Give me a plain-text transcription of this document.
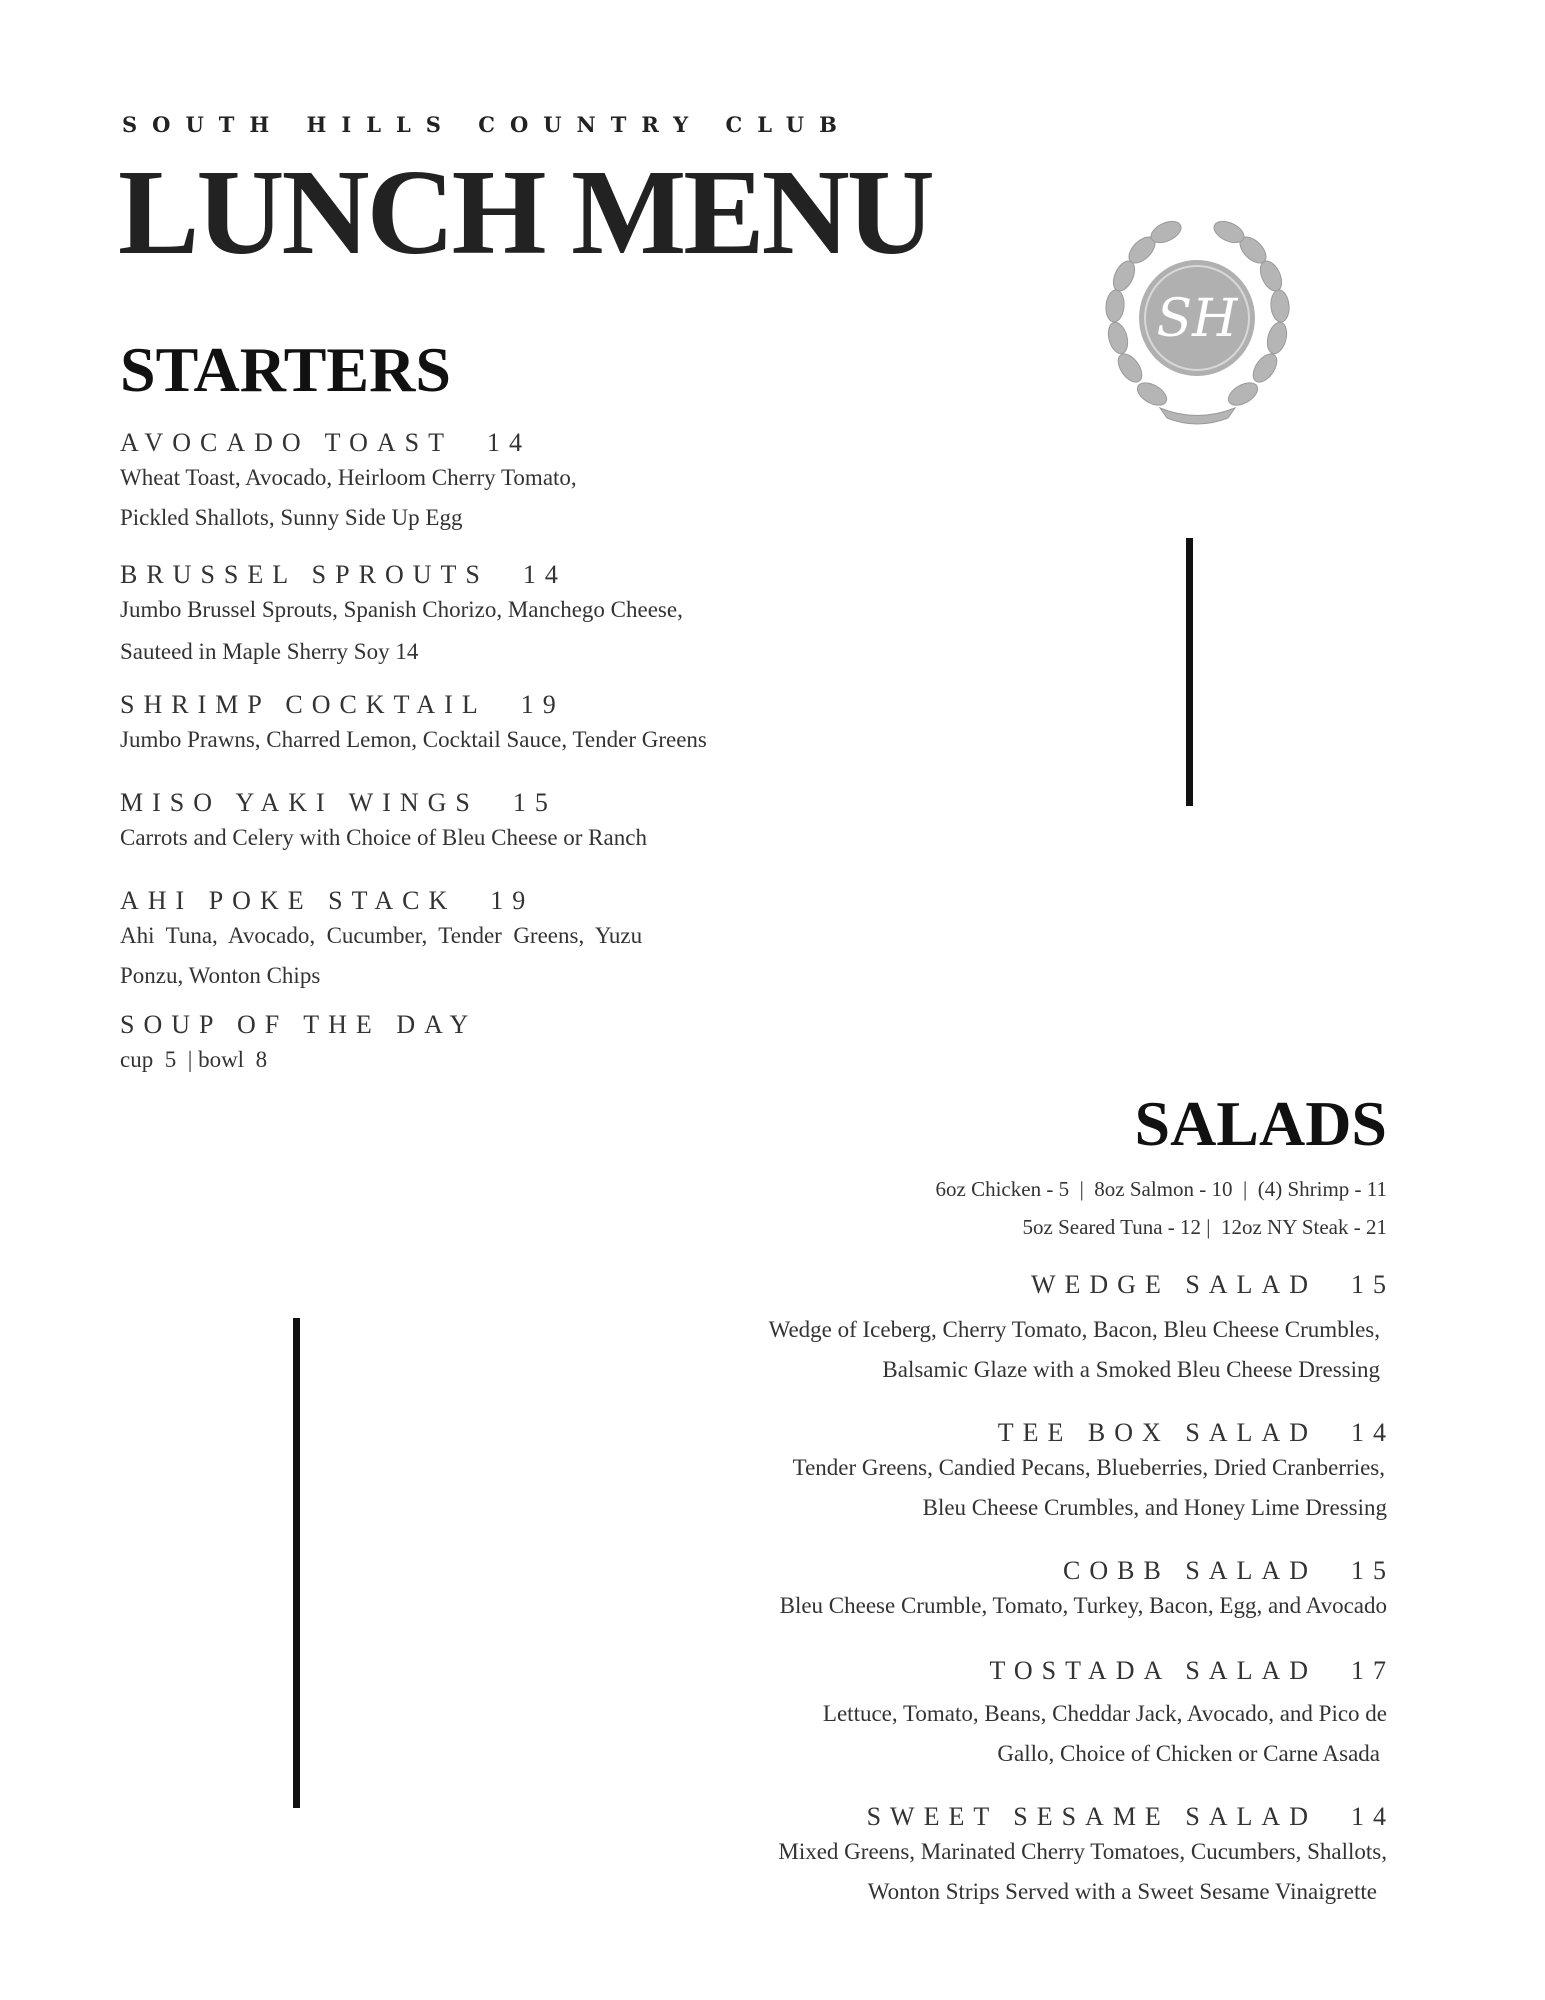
SOUTH HILLS COUNTRY CLUB
LUNCH MENU
SH
STARTERS
AVOCADO TOAST 14
Wheat Toast, Avocado, Heirloom Cherry Tomato,
Pickled Shallots, Sunny Side Up Egg
BRUSSEL SPROUTS 14
Jumbo Brussel Sprouts, Spanish Chorizo, Manchego Cheese,
Sauteed in Maple Sherry Soy 14
SHRIMP COCKTAIL 19
Jumbo Prawns, Charred Lemon, Cocktail Sauce, Tender Greens
MISO YAKI WINGS 15
Carrots and Celery with Choice of Bleu Cheese or Ranch
AHI POKE STACK 19
Ahi  Tuna,  Avocado,  Cucumber,  Tender  Greens,  Yuzu
Ponzu, Wonton Chips
SOUP OF THE DAY
cup  5  | bowl  8
SALADS
6oz Chicken - 5  |  8oz Salmon - 10  |  (4) Shrimp - 11
5oz Seared Tuna - 12 |  12oz NY Steak - 21
WEDGE SALAD 15
Wedge of Iceberg, Cherry Tomato, Bacon, Bleu Cheese Crumbles,
Balsamic Glaze with a Smoked Bleu Cheese Dressing
TEE BOX SALAD 14
Tender Greens, Candied Pecans, Blueberries, Dried Cranberries,
Bleu Cheese Crumbles, and Honey Lime Dressing
COBB SALAD 15
Bleu Cheese Crumble, Tomato, Turkey, Bacon, Egg, and Avocado
TOSTADA SALAD 17
Lettuce, Tomato, Beans, Cheddar Jack, Avocado, and Pico de
Gallo, Choice of Chicken or Carne Asada
SWEET SESAME SALAD 14
Mixed Greens, Marinated Cherry Tomatoes, Cucumbers, Shallots,
Wonton Strips Served with a Sweet Sesame Vinaigrette
